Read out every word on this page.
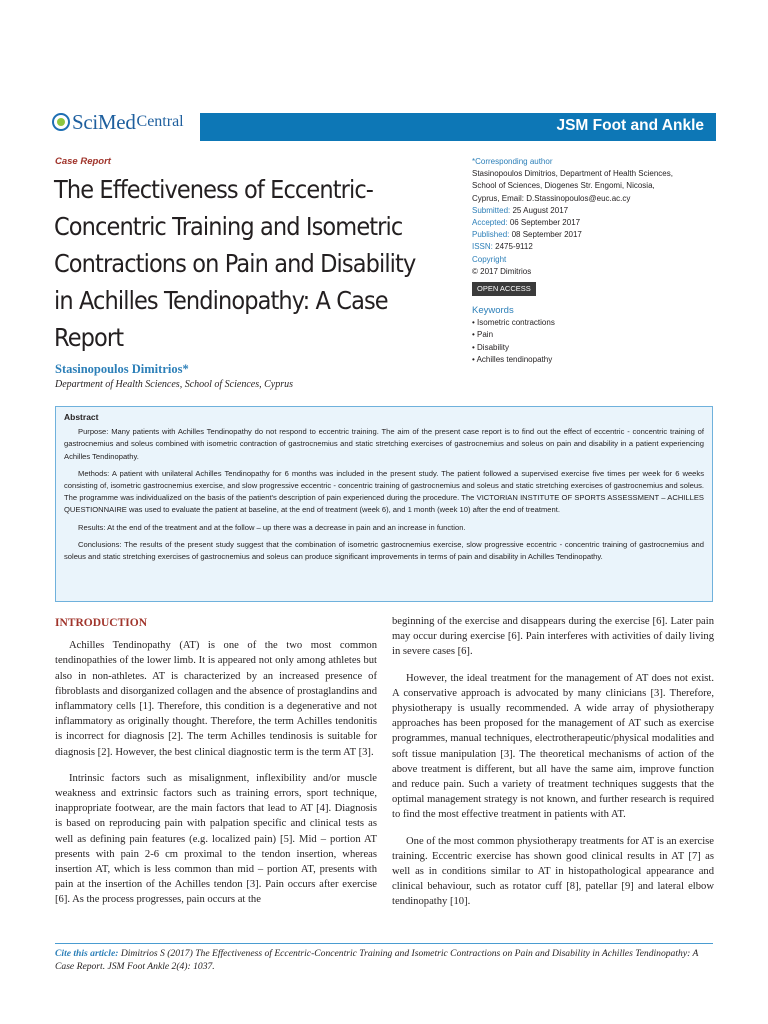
SciMed Central	JSM Foot and Ankle
Case Report
The Effectiveness of Eccentric-
Concentric Training and Isometric
Contractions on Pain and Disability
in Achilles Tendinopathy: A Case
Report
Stasinopoulos Dimitrios*
Department of Health Sciences, School of Sciences, Cyprus
*Corresponding author
Stasinopoulos Dimitrios, Department of Health Sciences,
School of Sciences, Diogenes Str. Engomi, Nicosia,
Cyprus, Email: D.Stassinopoulos@euc.ac.cy
Submitted: 25 August 2017
Accepted: 06 September 2017
Published: 08 September 2017
ISSN: 2475-9112
Copyright
© 2017 Dimitrios
OPEN ACCESS
Keywords
• Isometric contractions
• Pain
• Disability
• Achilles tendinopathy
Abstract

Purpose: Many patients with Achilles Tendinopathy do not respond to eccentric training. The aim of the present case report is to find out the effect of eccentric - concentric training of gastrocnemius and soleus combined with isometric contraction of gastrocnemius and static stretching exercises of gastrocnemius and soleus on pain and disability in a patient experiencing Achilles Tendinopathy.

Methods: A patient with unilateral Achilles Tendinopathy for 6 months was included in the present study. The patient followed a supervised exercise five times per week for 6 weeks consisting of, isometric gastrocnemius exercise, and slow progressive eccentric - concentric training of gastrocnemius and soleus and static stretching exercises of gastrocnemius and soleus. The programme was individualized on the basis of the patient's description of pain experienced during the procedure. The VICTORIAN INSTITUTE OF SPORTS ASSESSMENT – ACHILLES QUESTIONNAIRE was used to evaluate the patient at baseline, at the end of treatment (week 6), and 1 month (week 10) after the end of treatment.

Results: At the end of the treatment and at the follow – up there was a decrease in pain and an increase in function.

Conclusions: The results of the present study suggest that the combination of isometric gastrocnemius exercise, slow progressive eccentric - concentric training of gastrocnemius and soleus and static stretching exercises of gastrocnemius and soleus can produce significant improvements in terms of pain and disability in Achilles Tendinopathy.

INTRODUCTION

Achilles Tendinopathy (AT) is one of the two most common tendinopathies of the lower limb. It is appeared not only among athletes but also in non-athletes. AT is characterized by an increased presence of fibroblasts and disorganized collagen and the absence of prostaglandins and inflammatory cells [1]. Therefore, this condition is a degenerative and not inflammatory as originally thought. Therefore, the term Achilles tendonitis is incorrect for diagnosis [2]. The term Achilles tendinosis is suitable for diagnosis [2]. However, the best clinical diagnostic term is the term AT [3].

Intrinsic factors such as misalignment, inflexibility and/or muscle weakness and extrinsic factors such as training errors, sport technique, inappropriate footwear, are the main factors that lead to AT [4]. Diagnosis is based on reproducing pain with palpation specific and clinical tests as well as defining pain features (e.g. localized pain) [5]. Mid – portion AT presents with pain 2-6 cm proximal to the tendon insertion, whereas insertion AT, which is less common than mid – portion AT, presents with pain at the insertion of the Achilles tendon [3]. Pain occurs after exercise [6]. As the process progresses, pain occurs at the

beginning of the exercise and disappears during the exercise [6]. Later pain may occur during exercise [6]. Pain interferes with activities of daily living in severe cases [6].

However, the ideal treatment for the management of AT does not exist. A conservative approach is advocated by many clinicians [3]. Therefore, physiotherapy is usually recommended. A wide array of physiotherapy approaches has been proposed for the management of AT such as exercise programmes, manual techniques, electrotherapeutic/physical modalities and soft tissue manipulation [3]. The theoretical mechanisms of action of the above treatment is different, but all have the same aim, improve function and reduce pain. Such a variety of treatment techniques suggests that the optimal management strategy is not known, and further research is required to find the most effective treatment in patients with AT.

One of the most common physiotherapy treatments for AT is an exercise training. Eccentric exercise has shown good clinical results in AT [7] as well as in conditions similar to AT in histopathological appearance and clinical behaviour, such as rotator cuff [8], patellar [9] and lateral elbow tendinopathy [10].

Cite this article: Dimitrios S (2017) The Effectiveness of Eccentric-Concentric Training and Isometric Contractions on Pain and Disability in Achilles Tendinopathy: A Case Report. JSM Foot Ankle 2(4): 1037.
